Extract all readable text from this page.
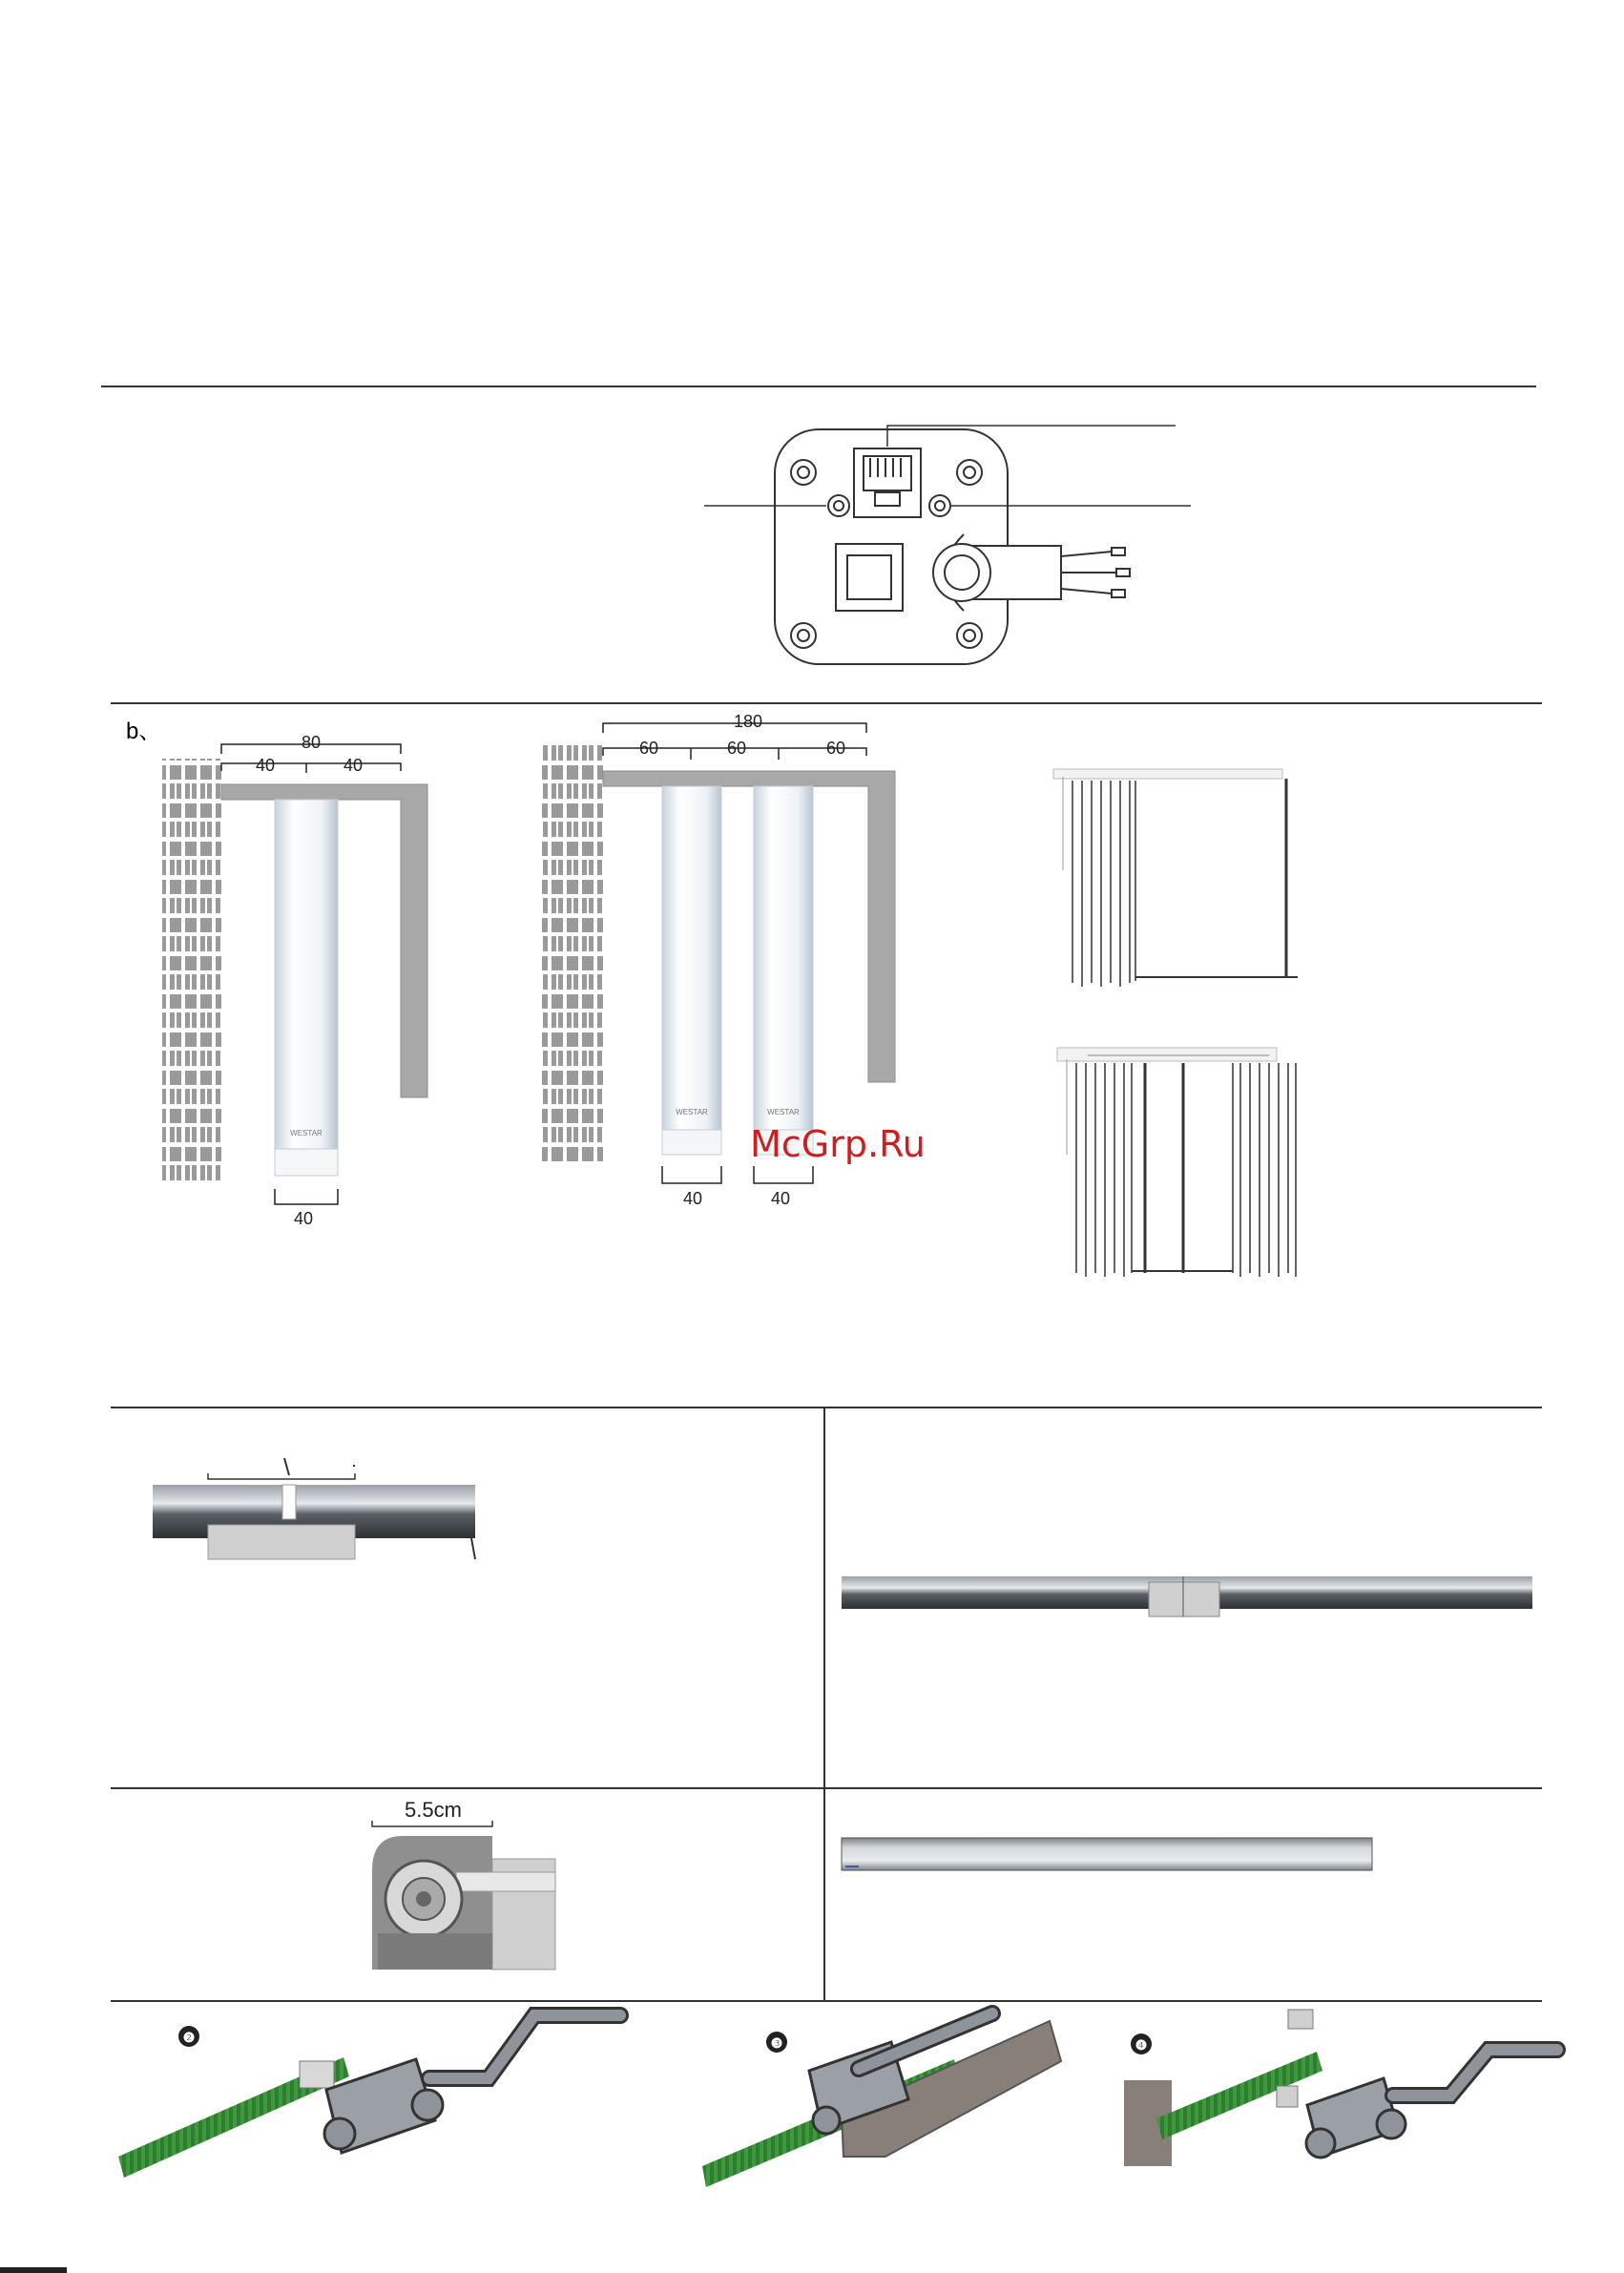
b、
WESTAR
80
40	40
40
WESTAR	WESTAR
180
60	60	60
40	40
McGrp.Ru
5.5cm
❷	❸	❹
